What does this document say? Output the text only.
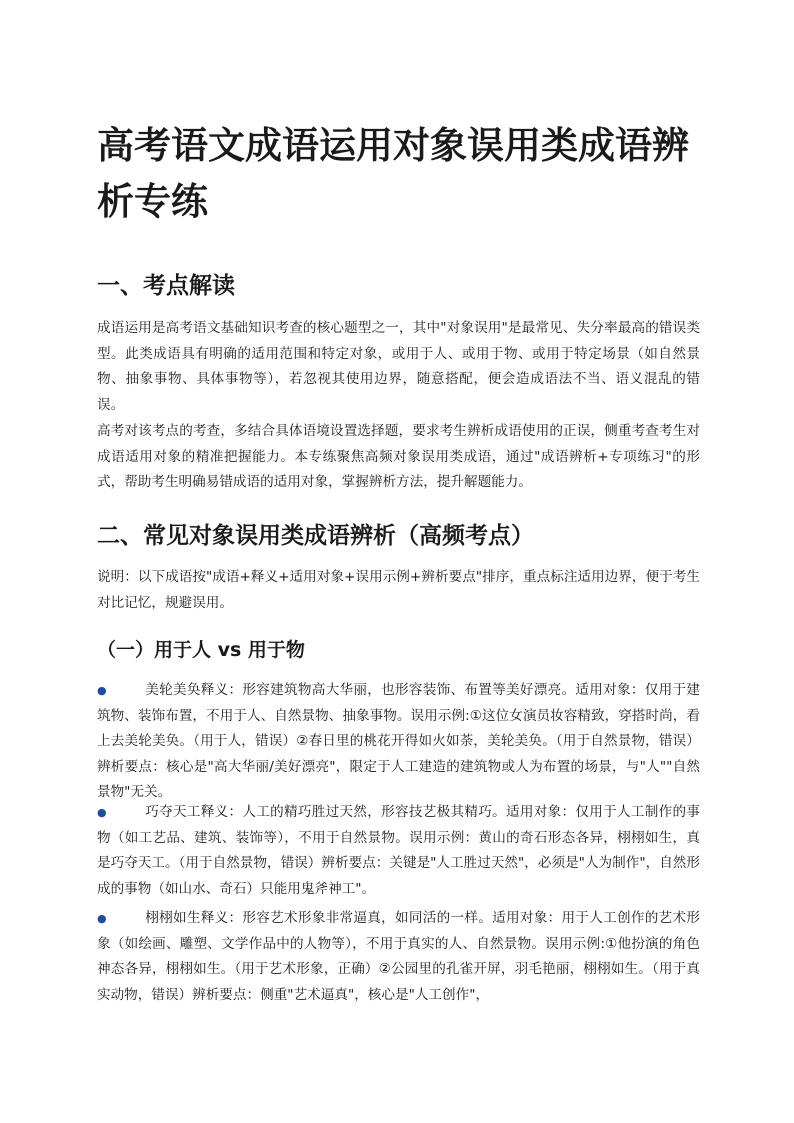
高考语文成语运用对象误用类成语辨析专练
一、考点解读

成语运用是高考语文基础知识考查的核心题型之一，其中"对象误用"是最常见、失分率最高的错误类型。此类成语具有明确的适用范围和特定对象，或用于人、或用于物、或用于特定场景（如自然景物、抽象事物、具体事物等），若忽视其使用边界，随意搭配，便会造成语法不当、语义混乱的错误。

高考对该考点的考查，多结合具体语境设置选择题，要求考生辨析成语使用的正误，侧重考查考生对成语适用对象的精准把握能力。本专练聚焦高频对象误用类成语，通过"成语辨析+专项练习"的形式，帮助考生明确易错成语的适用对象，掌握辨析方法，提升解题能力。

二、常见对象误用类成语辨析（高频考点）

说明：以下成语按"成语+释义+适用对象+误用示例+辨析要点"排序，重点标注适用边界，便于考生对比记忆，规避误用。

（一）用于人 vs 用于物

●	美轮美奂释义：形容建筑物高大华丽，也形容装饰、布置等美好漂亮。适用对象：仅用于建筑物、装饰布置，不用于人、自然景物、抽象事物。误用示例:①这位女演员妆容精致，穿搭时尚，看上去美轮美奂。（用于人，错误）②春日里的桃花开得如火如荼，美轮美奂。（用于自然景物，错误）辨析要点：核心是"高大华丽/美好漂亮"，限定于人工建造的建筑物或人为布置的场景，与"人""自然景物"无关。

●	巧夺天工释义：人工的精巧胜过天然，形容技艺极其精巧。适用对象：仅用于人工制作的事物（如工艺品、建筑、装饰等），不用于自然景物。误用示例：黄山的奇石形态各异，栩栩如生，真是巧夺天工。（用于自然景物，错误）辨析要点：关键是"人工胜过天然"，必须是"人为制作"，自然形成的事物（如山水、奇石）只能用鬼斧神工"。

●	栩栩如生释义：形容艺术形象非常逼真，如同活的一样。适用对象：用于人工创作的艺术形象（如绘画、雕塑、文学作品中的人物等），不用于真实的人、自然景物。误用示例:①他扮演的角色神态各异，栩栩如生。（用于艺术形象，正确）②公园里的孔雀开屏，羽毛艳丽，栩栩如生。（用于真实动物，错误）辨析要点：侧重"艺术逼真"，核心是"人工创作"，
